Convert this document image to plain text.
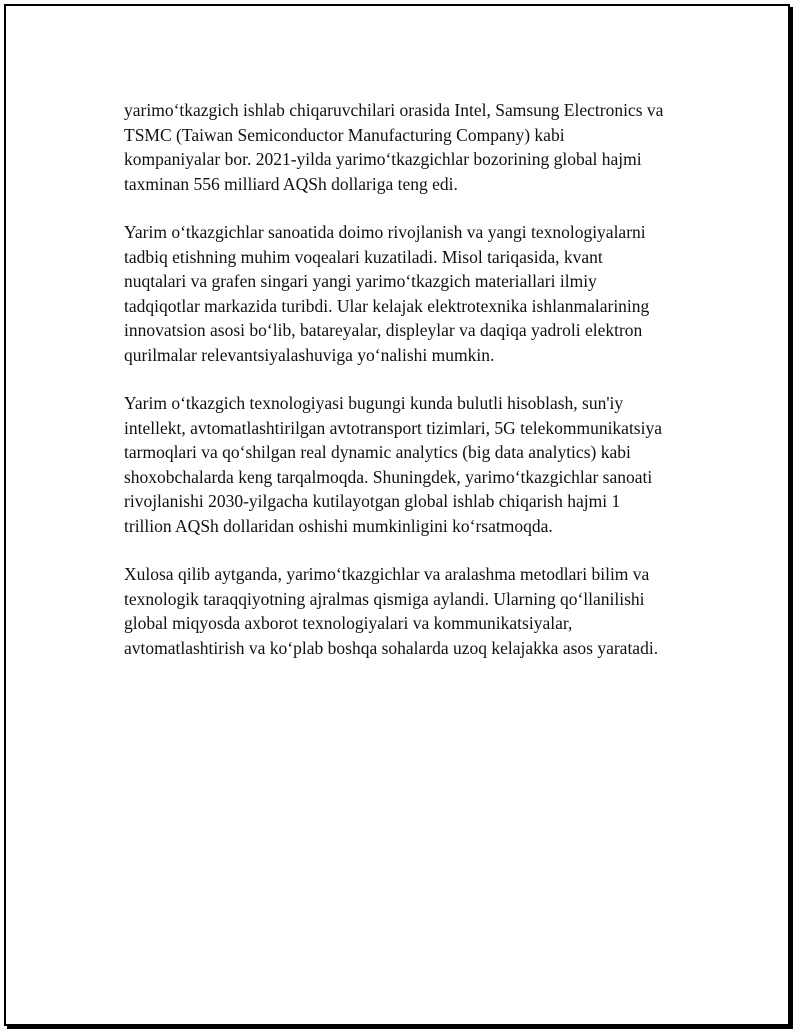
yarimo‘tkazgich ishlab chiqaruvchilari orasida Intel, Samsung Electronics va
TSMC (Taiwan Semiconductor Manufacturing Company) kabi
kompaniyalar bor. 2021-yilda yarimo‘tkazgichlar bozorining global hajmi
taxminan 556 milliard AQSh dollariga teng edi.

Yarim o‘tkazgichlar sanoatida doimo rivojlanish va yangi texnologiyalarni
tadbiq etishning muhim voqealari kuzatiladi. Misol tariqasida, kvant
nuqtalari va grafen singari yangi yarimo‘tkazgich materiallari ilmiy
tadqiqotlar markazida turibdi. Ular kelajak elektrotexnika ishlanmalarining
innovatsion asosi bo‘lib, batareyalar, displeylar va daqiqa yadroli elektron
qurilmalar relevantsiyalashuviga yo‘nalishi mumkin.

Yarim o‘tkazgich texnologiyasi bugungi kunda bulutli hisoblash, sun'iy
intellekt, avtomatlashtirilgan avtotransport tizimlari, 5G telekommunikatsiya
tarmoqlari va qo‘shilgan real dynamic analytics (big data analytics) kabi
shoxobchalarda keng tarqalmoqda. Shuningdek, yarimo‘tkazgichlar sanoati
rivojlanishi 2030-yilgacha kutilayotgan global ishlab chiqarish hajmi 1
trillion AQSh dollaridan oshishi mumkinligini ko‘rsatmoqda.

Xulosa qilib aytganda, yarimo‘tkazgichlar va aralashma metodlari bilim va
texnologik taraqqiyotning ajralmas qismiga aylandi. Ularning qo‘llanilishi
global miqyosda axborot texnologiyalari va kommunikatsiyalar,
avtomatlashtirish va ko‘plab boshqa sohalarda uzoq kelajakka asos yaratadi.
